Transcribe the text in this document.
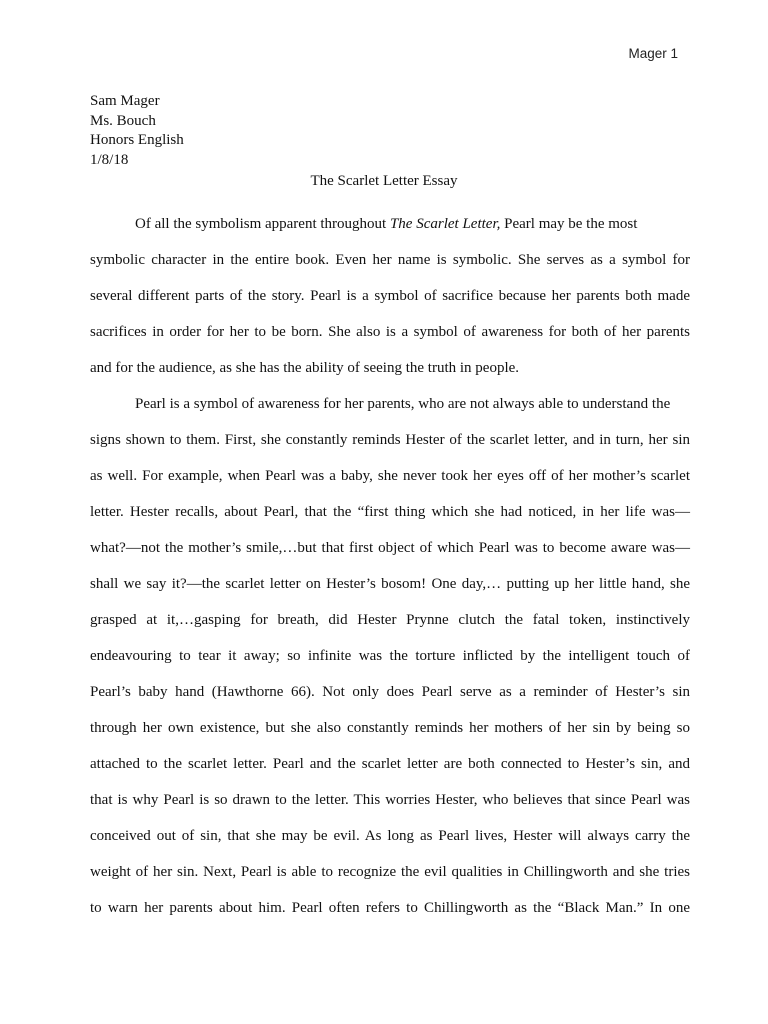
Mager 1
Sam Mager
Ms. Bouch
Honors English
1/8/18
The Scarlet Letter Essay
Of all the symbolism apparent throughout The Scarlet Letter, Pearl may be the most
symbolic character in the entire book. Even her name is symbolic. She serves as a symbol for
several different parts of the story. Pearl is a symbol of sacrifice because her parents both made
sacrifices in order for her to be born. She also is a symbol of awareness for both of her parents
and for the audience, as she has the ability of seeing the truth in people.
Pearl is a symbol of awareness for her parents, who are not always able to understand the
signs shown to them. First, she constantly reminds Hester of the scarlet letter, and in turn, her sin
as well. For example, when Pearl was a baby, she never took her eyes off of her mother’s scarlet
letter. Hester recalls, about Pearl, that the “first thing which she had noticed, in her life was—
what?—not the mother’s smile,…but that first object of which Pearl was to become aware was—
shall we say it?—the scarlet letter on Hester’s bosom! One day,… putting up her little hand, she
grasped at it,…gasping for breath, did Hester Prynne clutch the fatal token, instinctively
endeavouring to tear it away; so infinite was the torture inflicted by the intelligent touch of
Pearl’s baby hand (Hawthorne 66). Not only does Pearl serve as a reminder of Hester’s sin
through her own existence, but she also constantly reminds her mothers of her sin by being so
attached to the scarlet letter. Pearl and the scarlet letter are both connected to Hester’s sin, and
that is why Pearl is so drawn to the letter. This worries Hester, who believes that since Pearl was
conceived out of sin, that she may be evil. As long as Pearl lives, Hester will always carry the
weight of her sin. Next, Pearl is able to recognize the evil qualities in Chillingworth and she tries
to warn her parents about him. Pearl often refers to Chillingworth as the “Black Man.” In one
